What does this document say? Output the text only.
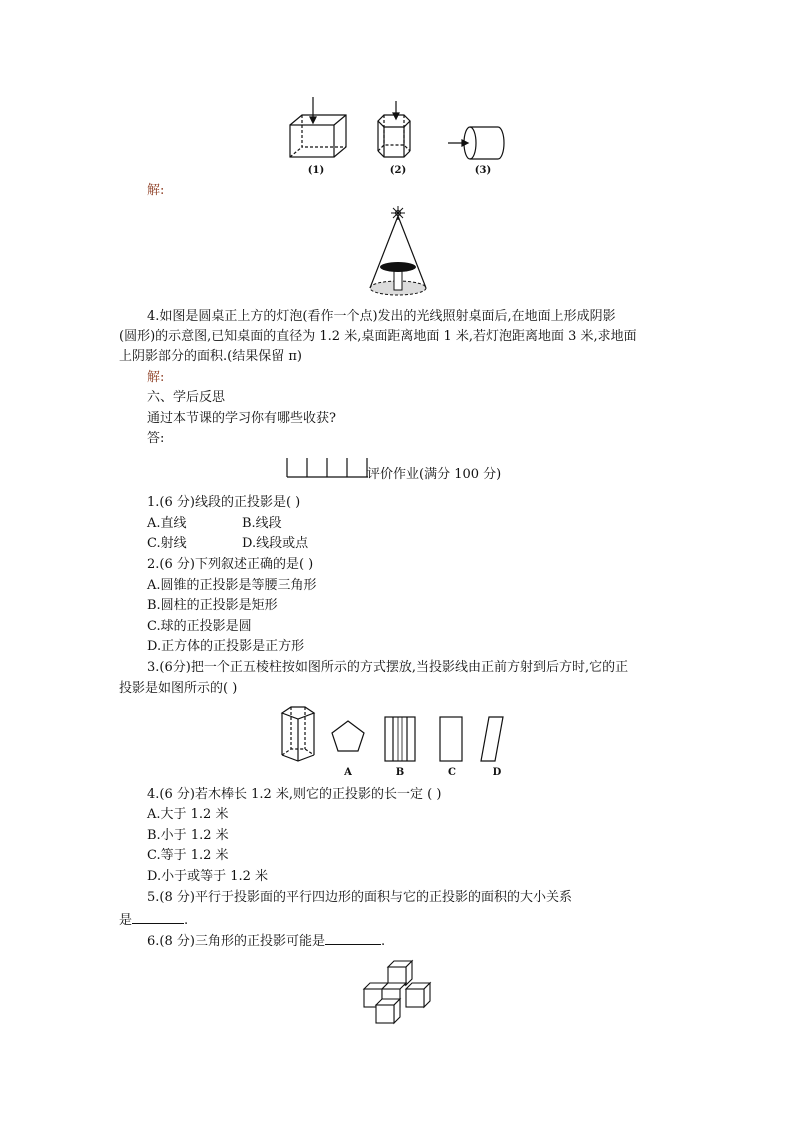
(1)	(2)	(3)
解:
4.如图是圆桌正上方的灯泡(看作一个点)发出的光线照射桌面后,在地面上形成阴影
(圆形)的示意图,已知桌面的直径为 1.2 米,桌面距离地面 1 米,若灯泡距离地面 3 米,求地面
上阴影部分的面积.(结果保留 π)
解:
六、学后反思
通过本节课的学习你有哪些收获?
答:
评价作业(满分 100 分)
1.(6 分)线段的正投影是( )
A.直线	B.线段
C.射线	D.线段或点
2.(6 分)下列叙述正确的是( )
A.圆锥的正投影是等腰三角形
B.圆柱的正投影是矩形
C.球的正投影是圆
D.正方体的正投影是正方形
3.(6分)把一个正五棱柱按如图所示的方式摆放,当投影线由正前方射到后方时,它的正
投影是如图所示的( )
A	B	C	D
4.(6 分)若木棒长 1.2 米,则它的正投影的长一定 ( )
A.大于 1.2 米
B.小于 1.2 米
C.等于 1.2 米
D.小于或等于 1.2 米
5.(8 分)平行于投影面的平行四边形的面积与它的正投影的面积的大小关系
是	.
6.(8 分)三角形的正投影可能是	.
